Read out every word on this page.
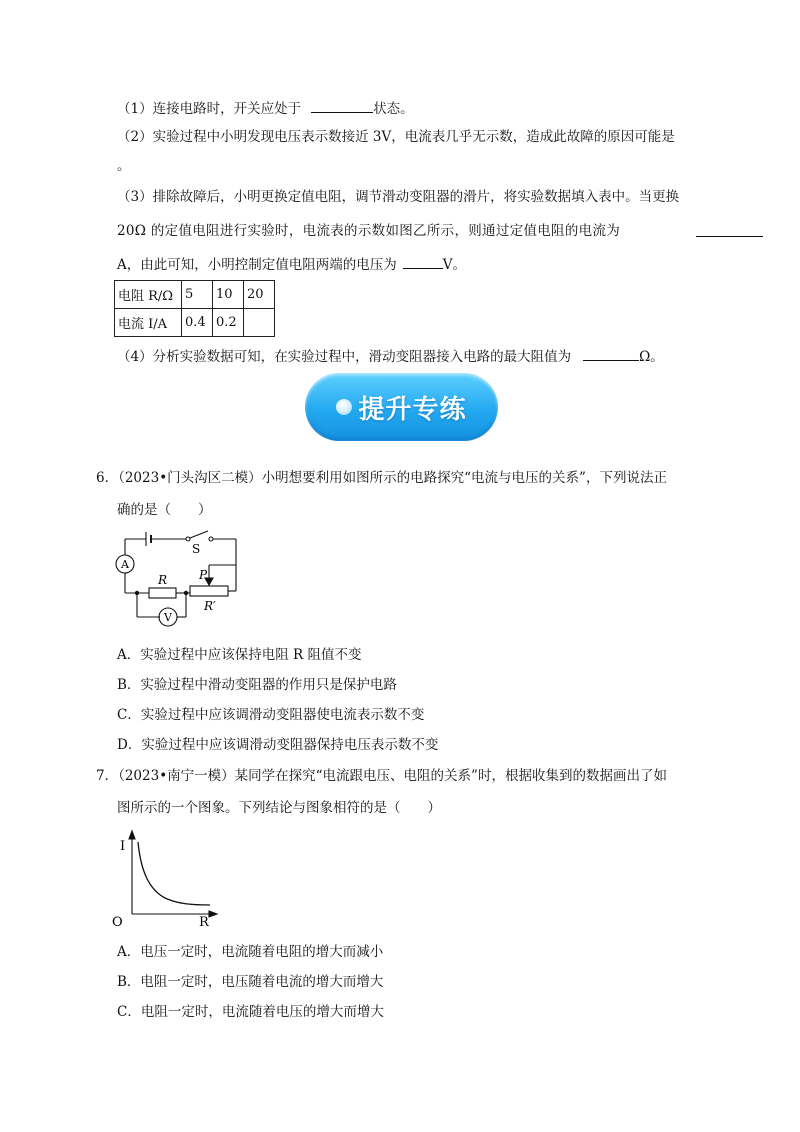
（1）连接电路时，开关应处于	状态。
（2）实验过程中小明发现电压表示数接近 3V，电流表几乎无示数，造成此故障的原因可能是
。
（3）排除故障后，小明更换定值电阻，调节滑动变阻器的滑片，将实验数据填入表中。当更换
20Ω 的定值电阻进行实验时，电流表的示数如图乙所示，则通过定值电阻的电流为
A，由此可知，小明控制定值电阻两端的电压为	V。
电阻 R/Ω	5	10	20
电流 I/A	0.4	0.2	
（4）分析实验数据可知，在实验过程中，滑动变阻器接入电路的最大阻值为	Ω。
提升专练
6．（2023•门头沟区二模）小明想要利用如图所示的电路探究“电流与电压的关系”，下列说法正
确的是（　　）
A
V
S
R	P
R′
A．实验过程中应该保持电阻 R 阻值不变
B．实验过程中滑动变阻器的作用只是保护电路
C．实验过程中应该调滑动变阻器使电流表示数不变
D．实验过程中应该调滑动变阻器保持电压表示数不变
7．（2023•南宁一模）某同学在探究“电流跟电压、电阻的关系”时，根据收集到的数据画出了如
图所示的一个图象。下列结论与图象相符的是（　　）
I
O	R
A．电压一定时，电流随着电阻的增大而减小
B．电阻一定时，电压随着电流的增大而增大
C．电阻一定时，电流随着电压的增大而增大
